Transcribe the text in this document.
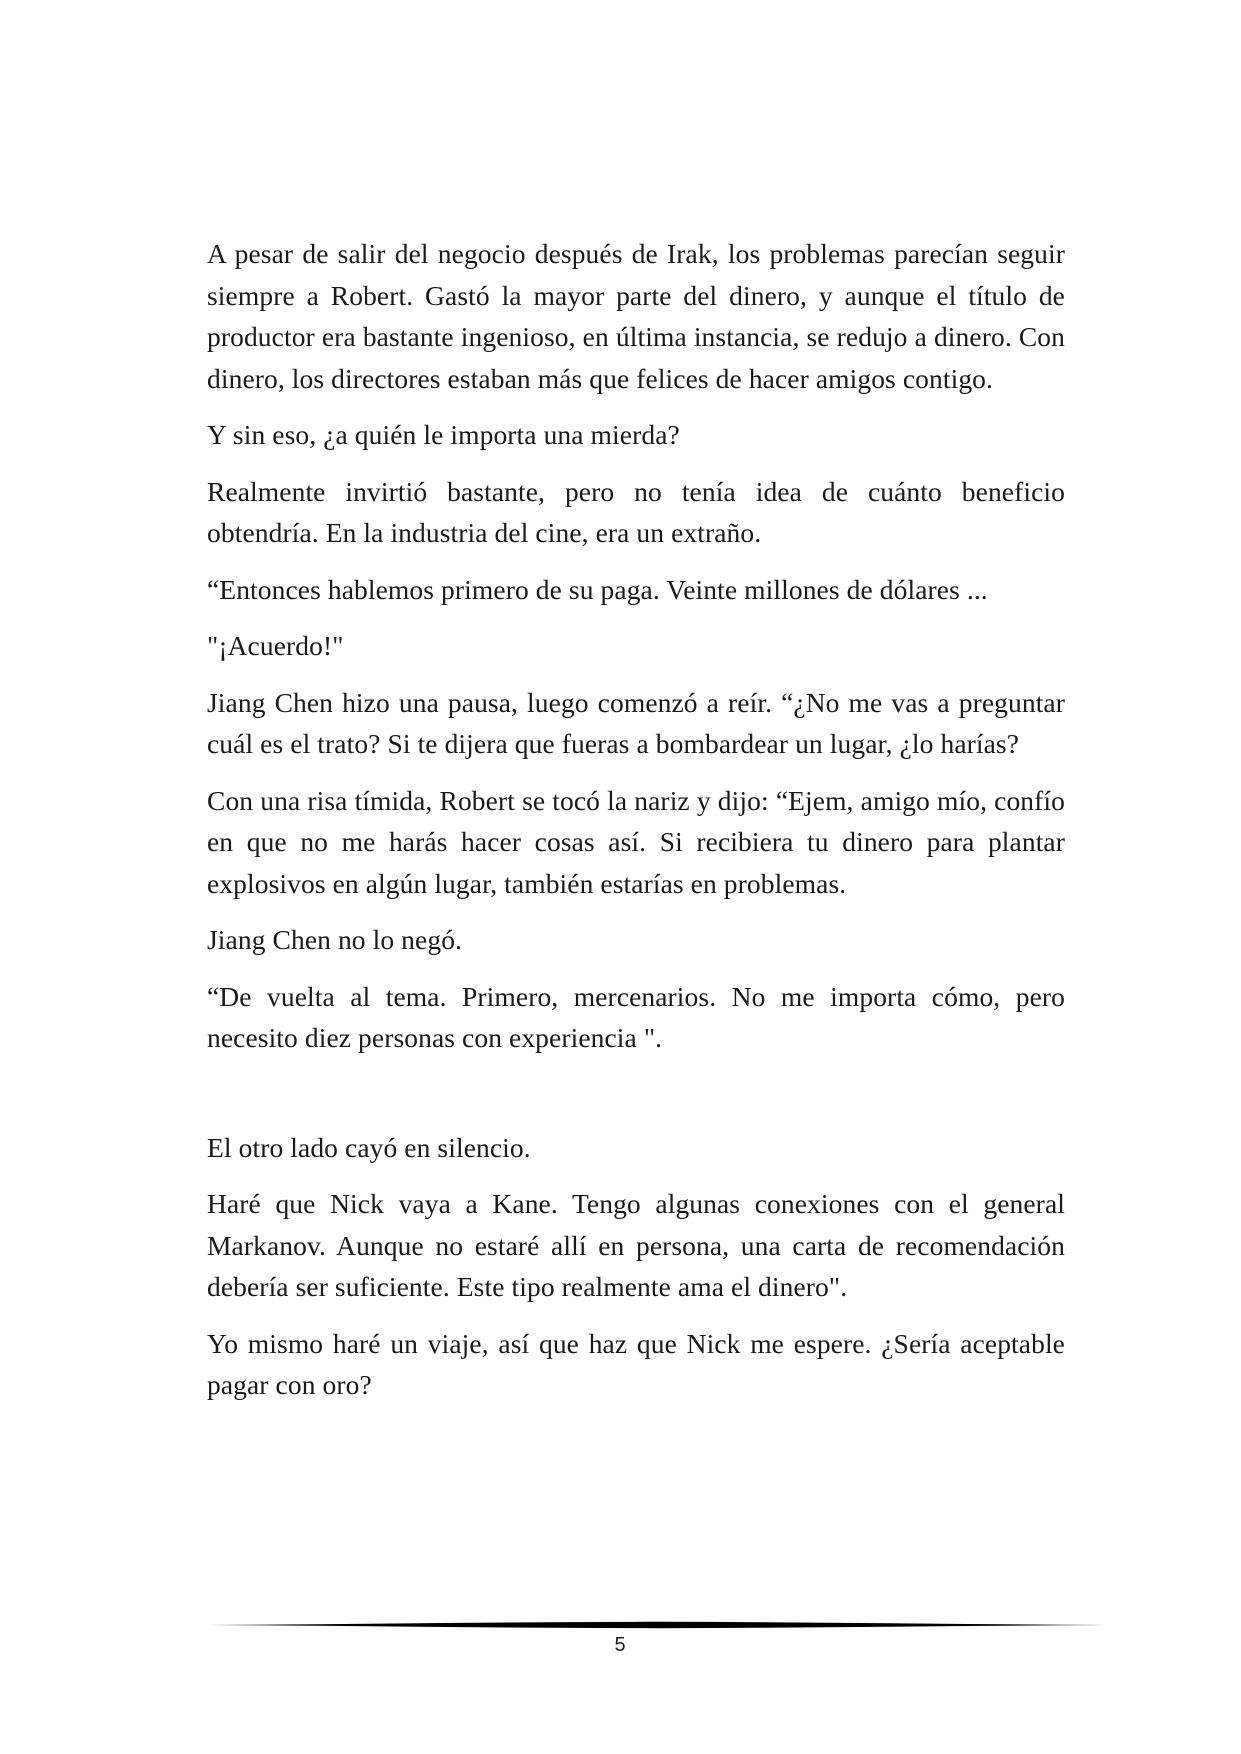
A pesar de salir del negocio después de Irak, los problemas parecían seguir siempre a Robert. Gastó la mayor parte del dinero, y aunque el título de productor era bastante ingenioso, en última instancia, se redujo a dinero. Con dinero, los directores estaban más que felices de hacer amigos contigo.

Y sin eso, ¿a quién le importa una mierda?

Realmente invirtió bastante, pero no tenía idea de cuánto beneficio obtendría. En la industria del cine, era un extraño.

“Entonces hablemos primero de su paga. Veinte millones de dólares ...

"¡Acuerdo!"

Jiang Chen hizo una pausa, luego comenzó a reír. “¿No me vas a preguntar cuál es el trato? Si te dijera que fueras a bombardear un lugar, ¿lo harías?

Con una risa tímida, Robert se tocó la nariz y dijo: “Ejem, amigo mío, confío en que no me harás hacer cosas así. Si recibiera tu dinero para plantar explosivos en algún lugar, también estarías en problemas.

Jiang Chen no lo negó.

“De vuelta al tema. Primero, mercenarios. No me importa cómo, pero necesito diez personas con experiencia ".

El otro lado cayó en silencio.

Haré que Nick vaya a Kane. Tengo algunas conexiones con el general Markanov. Aunque no estaré allí en persona, una carta de recomendación debería ser suficiente. Este tipo realmente ama el dinero".

Yo mismo haré un viaje, así que haz que Nick me espere. ¿Sería aceptable pagar con oro?

5
